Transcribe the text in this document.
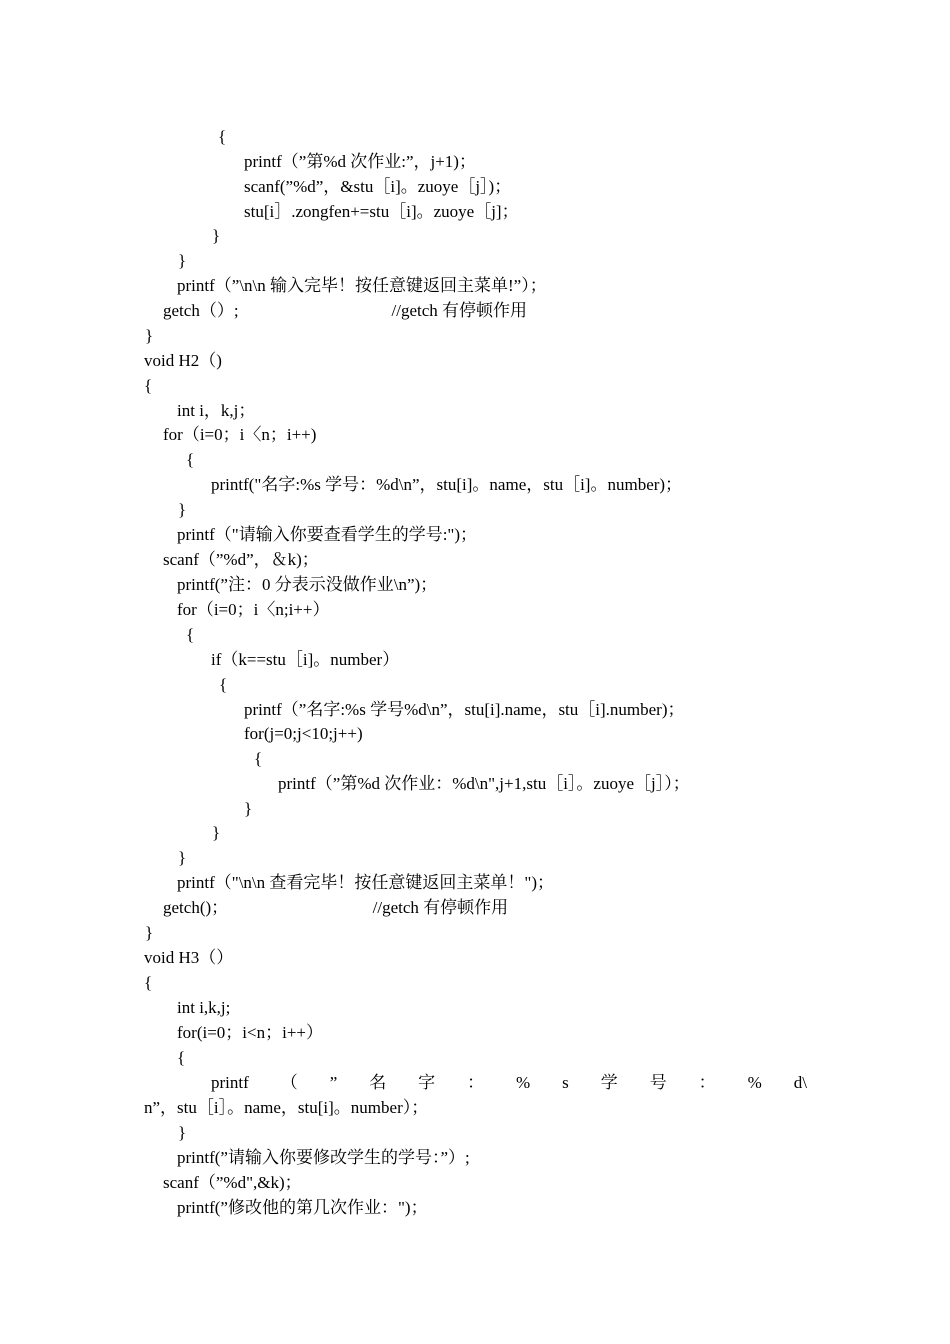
{
printf（”第%d 次作业:”，j+1)；
scanf(”%d”，&stu［i]。zuoye［j］)；
stu[i］.zongfen+=stu［i]。zuoye［j]；
}
}
printf（”\n\n 输入完毕！按任意键返回主菜单!”）；
getch（）;                                    //getch 有停顿作用
}
void H2（)
{
int i，k,j；
for（i=0；i〈n；i++)
{
printf("名字:%s 学号：%d\n”，stu[i]。name，stu［i]。number)；
}
printf（"请输入你要查看学生的学号:")；
scanf（”%d”，＆k)；
printf(”注：0 分表示没做作业\n”)；
for（i=0；i〈n;i++）
{
if（k==stu［i]。number）
{
printf（”名字:%s 学号%d\n”，stu[i].name，stu［i].number)；
for(j=0;j<10;j++)
{
printf（”第%d 次作业：%d\n",j+1,stu［i］。zuoye［j］）；
}
}
}
printf（"\n\n 查看完毕！按任意键返回主菜单！")；
getch()；                                  //getch 有停顿作用
}
void H3（）
{
int i,k,j;
for(i=0；i<n；i++）
{
printf （ ” 名 字 ： % s 学 号 ： % d\
n”，stu［i］。name，stu[i]。number）；
}
printf(”请输入你要修改学生的学号：”）;
scanf（”%d",&k)；
printf(”修改他的第几次作业：")；
